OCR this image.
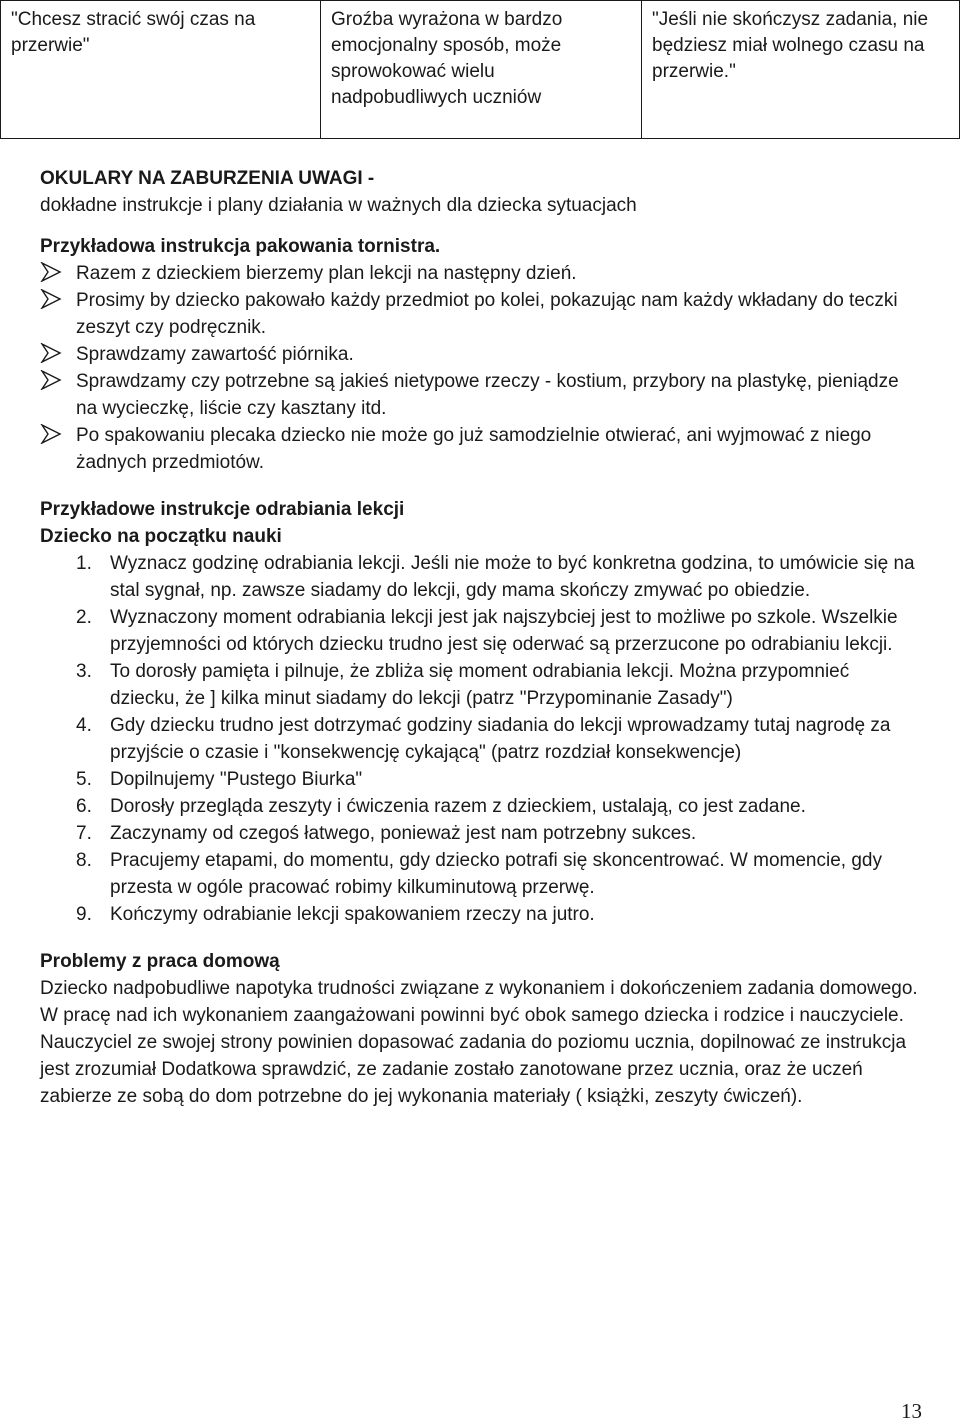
"Chcesz stracić swój czas na przerwie"	Groźba wyrażona w bardzo emocjonalny sposób, może sprowokować wielu nadpobudliwych uczniów	"Jeśli nie skończysz zadania, nie będziesz miał wolnego czasu na przerwie."
OKULARY NA ZABURZENIA UWAGI -
dokładne instrukcje i plany działania w ważnych dla dziecka sytuacjach
Przykładowa instrukcja pakowania tornistra.
Razem z dzieckiem bierzemy plan lekcji na następny dzień.
Prosimy by dziecko pakowało każdy przedmiot po kolei, pokazując nam każdy wkładany do teczki zeszyt czy podręcznik.
Sprawdzamy zawartość piórnika.
Sprawdzamy czy potrzebne są jakieś nietypowe rzeczy - kostium, przybory na plastykę, pieniądze na wycieczkę, liście czy kasztany itd.
Po spakowaniu plecaka dziecko nie może go już samodzielnie otwierać, ani wyjmować z niego żadnych przedmiotów.
Przykładowe instrukcje odrabiania lekcji
Dziecko na początku nauki
1. Wyznacz godzinę odrabiania lekcji. Jeśli nie może to być konkretna godzina, to umówicie się na stal sygnał, np. zawsze siadamy do lekcji, gdy mama skończy zmywać po obiedzie.
2. Wyznaczony moment odrabiania lekcji jest jak najszybciej jest to możliwe po szkole. Wszelkie przyjemności od których dziecku trudno jest się oderwać są przerzucone po odrabianiu lekcji.
3. To dorosły pamięta i pilnuje, że zbliża się moment odrabiania lekcji. Można przypomnieć dziecku, że ] kilka minut siadamy do lekcji (patrz "Przypominanie Zasady")
4. Gdy dziecku trudno jest dotrzymać godziny siadania do lekcji wprowadzamy tutaj nagrodę za przyjście o czasie i "konsekwencję cykającą" (patrz rozdział konsekwencje)
5. Dopilnujemy "Pustego Biurka"
6. Dorosły przegląda zeszyty i ćwiczenia razem z dzieckiem, ustalają, co jest zadane.
7. Zaczynamy od czegoś łatwego, ponieważ jest nam potrzebny sukces.
8. Pracujemy etapami, do momentu, gdy dziecko potrafi się skoncentrować. W momencie, gdy przesta w ogóle pracować robimy kilkuminutową przerwę.
9. Kończymy odrabianie lekcji spakowaniem rzeczy na jutro.
Problemy z praca domową
Dziecko nadpobudliwe napotyka trudności związane z wykonaniem i dokończeniem zadania domowego.
W pracę nad ich wykonaniem zaangażowani powinni być obok samego dziecka i rodzice i nauczyciele. Nauczyciel ze swojej strony powinien dopasować zadania do poziomu ucznia, dopilnować ze instrukcja jest zrozumiał Dodatkowa sprawdzić, ze zadanie zostało zanotowane przez ucznia, oraz że uczeń zabierze ze sobą do dom potrzebne do jej wykonania materiały ( książki, zeszyty ćwiczeń).
13
